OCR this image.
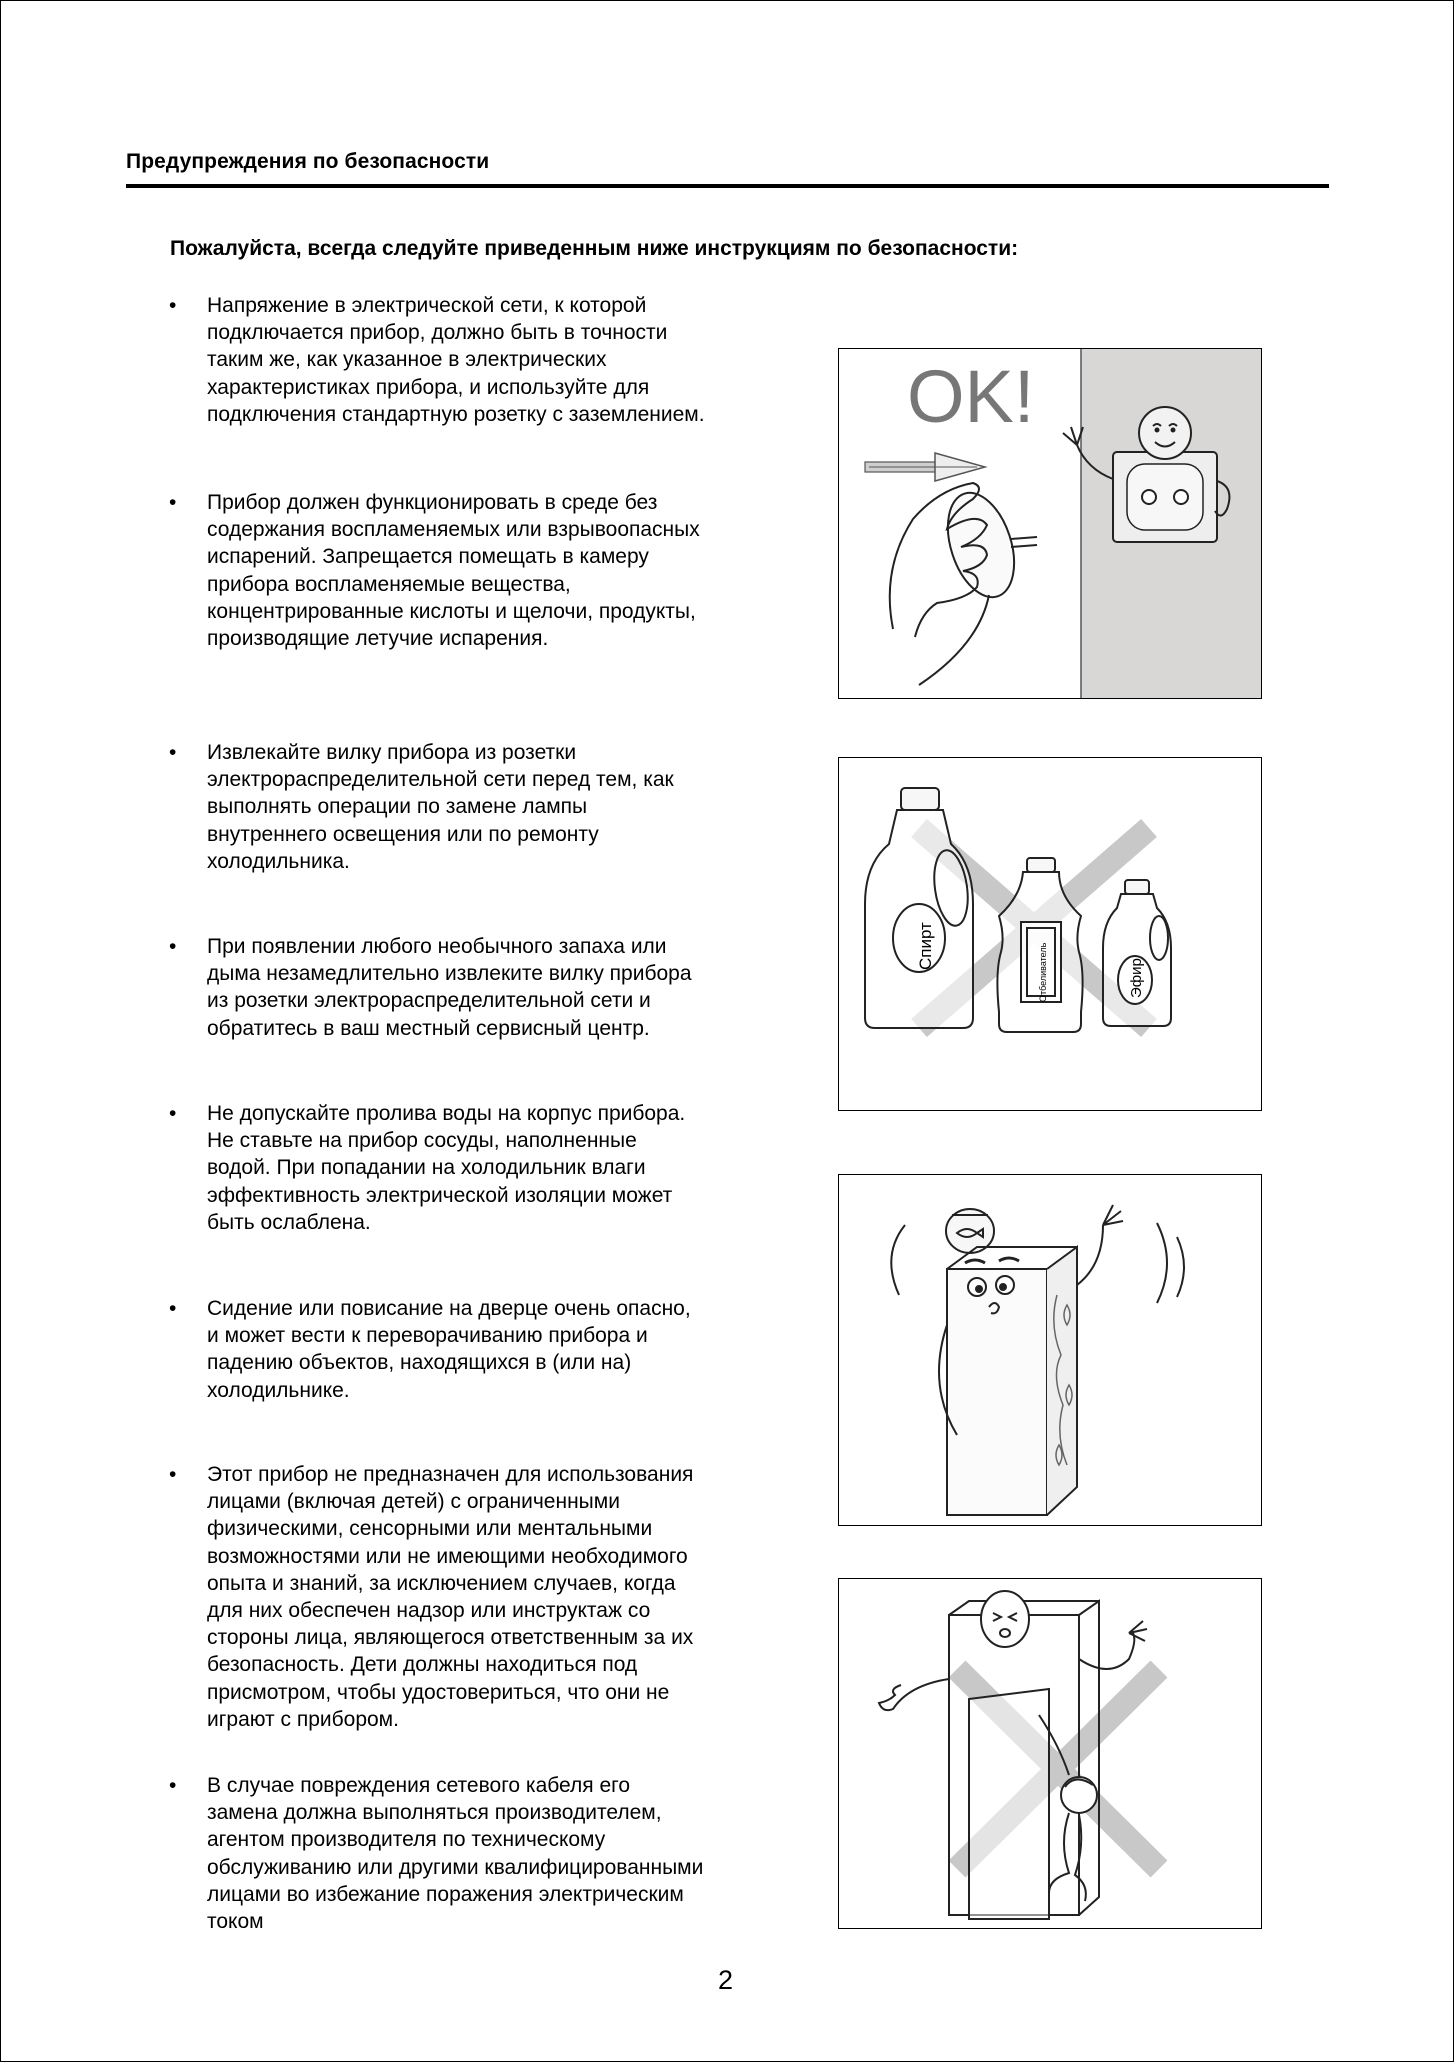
Предупреждения по безопасности
Пожалуйста, всегда следуйте приведенным ниже инструкциям по безопасности:
• Напряжение в электрической сети, к которой
подключается прибор, должно быть в точности
таким же, как указанное в электрических
характеристиках прибора, и используйте для
подключения стандартную розетку с заземлением.
• Прибор должен функционировать в среде без
содержания воспламеняемых или взрывоопасных
испарений. Запрещается помещать в камеру
прибора воспламеняемые вещества,
концентрированные кислоты и щелочи, продукты,
производящие летучие испарения.
• Извлекайте вилку прибора из розетки
электрораспределительной сети перед тем, как
выполнять операции по замене лампы
внутреннего освещения или по ремонту
холодильника.
• При появлении любого необычного запаха или
дыма незамедлительно извлеките вилку прибора
из розетки электрораспределительной сети и
обратитесь в ваш местный сервисный центр.
• Не допускайте пролива воды на корпус прибора.
Не ставьте на прибор сосуды, наполненные
водой. При попадании на холодильник влаги
эффективность электрической изоляции может
быть ослаблена.
• Сидение или повисание на дверце очень опасно,
и может вести к переворачиванию прибора и
падению объектов, находящихся в (или на)
холодильнике.
• Этот прибор не предназначен для использования
лицами (включая детей) с ограниченными
физическими, сенсорными или ментальными
возможностями или не имеющими необходимого
опыта и знаний, за исключением случаев, когда
для них обеспечен надзор или инструктаж со
стороны лица, являющегося ответственным за их
безопасность. Дети должны находиться под
присмотром, чтобы удостовериться, что они не
играют с прибором.
• В случае повреждения сетевого кабеля его
замена должна выполняться производителем,
агентом производителя по техническому
обслуживанию или другими квалифицированными
лицами во избежание поражения электрическим
током
OK!
Спирт	Отбеливатель	Эфир
2
